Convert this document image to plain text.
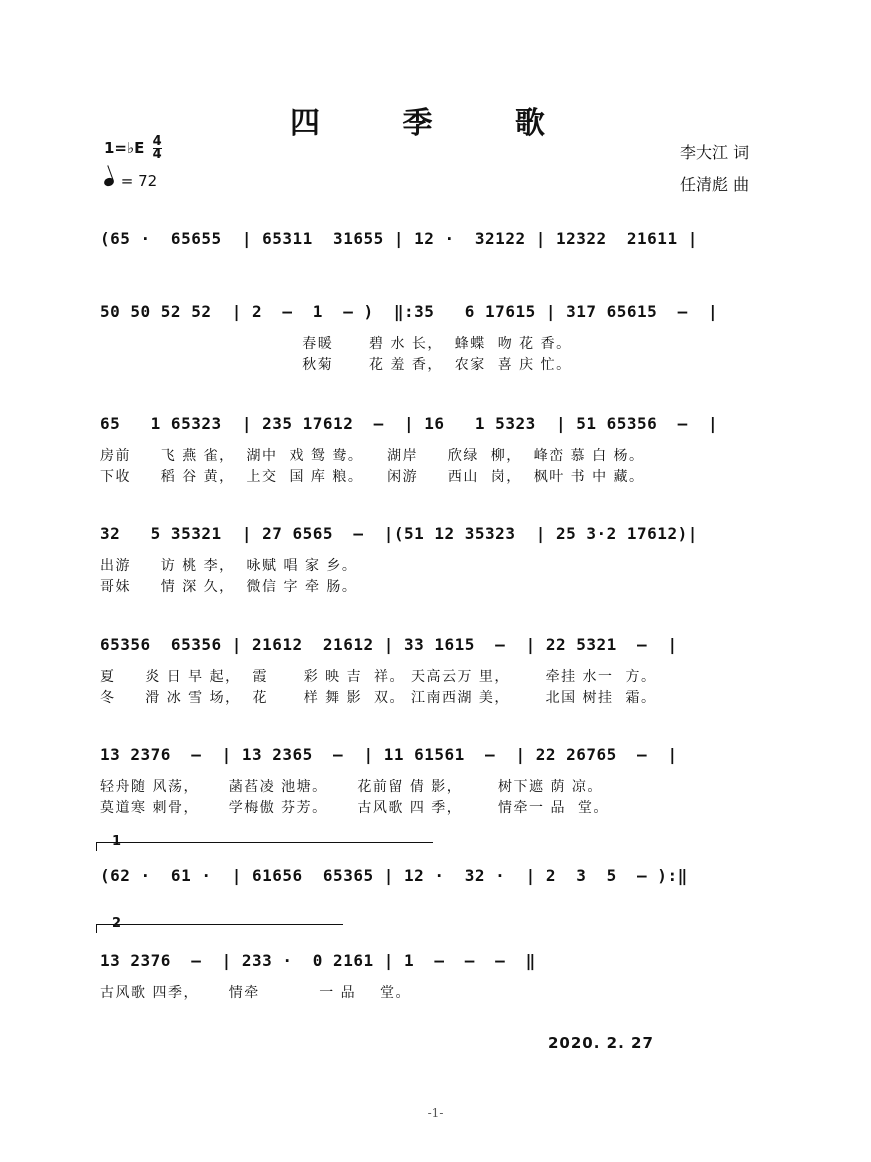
四 季 歌
1=♭E $\frac{4}{4}$
= 72
李大江 词
任清彪 曲
(65 ·  65655  | 65311  31655 | 12 ·  32122 | 12322  21611 |
50 50 52 52  | 2  –  1  – )  ‖:35   6 17615 | 317 65615  –  |
春暖      碧 水 长，  蜂蝶  吻 花 香。
秋菊      花 羞 香，  农家  喜 庆 忙。
65   1 65323  | 235 17612  –  | 16   1 5323  | 51 65356  –  |
房前     飞 燕 雀，  湖中  戏 鸳 鸯。    湖岸     欣绿  柳，  峰峦 慕 白 杨。
下收     稻 谷 黄，  上交  国 库 粮。    闲游     西山  岗，  枫叶 书 中 藏。
32   5 35321  | 27 6565  –  |(51 12 35323  | 25 3·2 17612)|
出游     访 桃 李，  咏赋 唱 家 乡。
哥妹     情 深 久，  微信 字 牵 肠。
65356  65356 | 21612  21612 | 33 1615  –  | 22 5321  –  |
夏     炎 日 早 起，  霞      彩 映 吉  祥。 天高云万 里，      牵挂 水一  方。
冬     滑 冰 雪 场，  花      样 舞 影  双。 江南西湖 美，      北国 树挂  霜。
13 2376  –  | 13 2365  –  | 11 61561  –  | 22 26765  –  |
轻舟随 风荡，     菡萏凌 池塘。     花前留 倩 影，      树下遮 荫 凉。
莫道寒 刺骨，     学梅傲 芬芳。     古风歌 四 季，      情牵一 品  堂。
1
(62 ·  61 ·  | 61656  65365 | 12 ·  32 ·  | 2  3  5  – ):‖
2
13 2376  –  | 233 ·  0 2161 | 1  –  –  –  ‖
古风歌 四季，     情牵          一 品    堂。
2020. 2. 27
-1-
